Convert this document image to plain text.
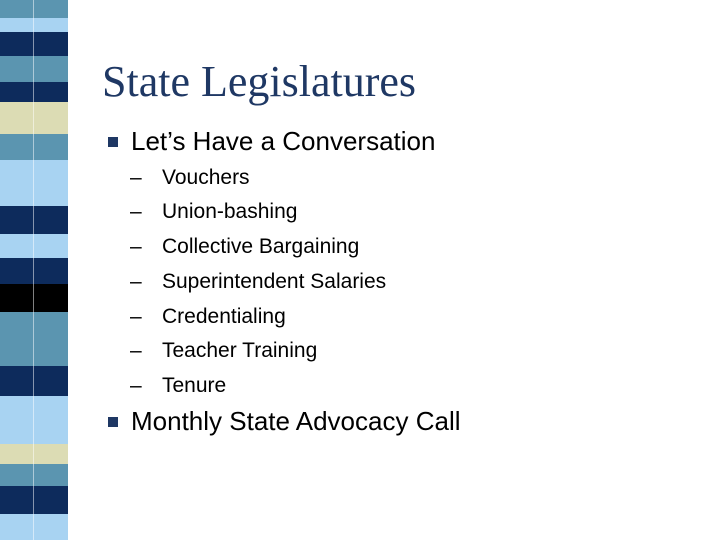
State Legislatures
Let’s Have a Conversation
– Vouchers
– Union-bashing
– Collective Bargaining
– Superintendent Salaries
– Credentialing
– Teacher Training
– Tenure
Monthly State Advocacy Call
